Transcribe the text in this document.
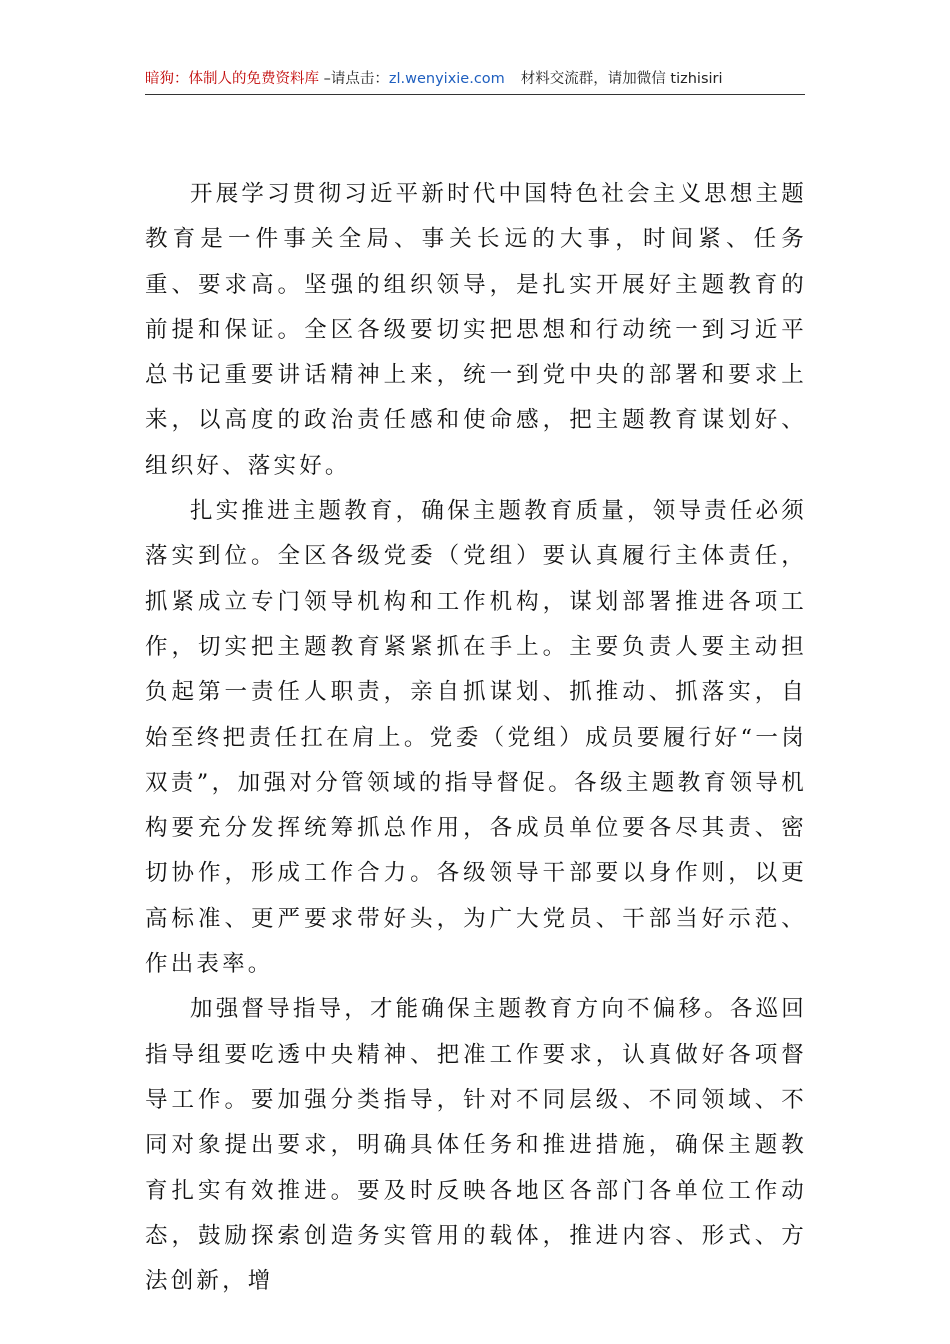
暗狗：体制人的免费资料库 –请点击：zl.wenyixie.com 材料交流群，请加微信 tizhisiri

开展学习贯彻习近平新时代中国特色社会主义思想主题教育是一件事关全局、事关长远的大事，时间紧、任务重、要求高。坚强的组织领导，是扎实开展好主题教育的前提和保证。全区各级要切实把思想和行动统一到习近平总书记重要讲话精神上来，统一到党中央的部署和要求上来，以高度的政治责任感和使命感，把主题教育谋划好、组织好、落实好。

扎实推进主题教育，确保主题教育质量，领导责任必须落实到位。全区各级党委（党组）要认真履行主体责任，抓紧成立专门领导机构和工作机构，谋划部署推进各项工作，切实把主题教育紧紧抓在手上。主要负责人要主动担负起第一责任人职责，亲自抓谋划、抓推动、抓落实，自始至终把责任扛在肩上。党委（党组）成员要履行好“一岗双责”，加强对分管领域的指导督促。各级主题教育领导机构要充分发挥统筹抓总作用，各成员单位要各尽其责、密切协作，形成工作合力。各级领导干部要以身作则，以更高标准、更严要求带好头，为广大党员、干部当好示范、作出表率。

加强督导指导，才能确保主题教育方向不偏移。各巡回指导组要吃透中央精神、把准工作要求，认真做好各项督导工作。要加强分类指导，针对不同层级、不同领域、不同对象提出要求，明确具体任务和推进措施，确保主题教育扎实有效推进。要及时反映各地区各部门各单位工作动态，鼓励探索创造务实管用的载体，推进内容、形式、方法创新，增
